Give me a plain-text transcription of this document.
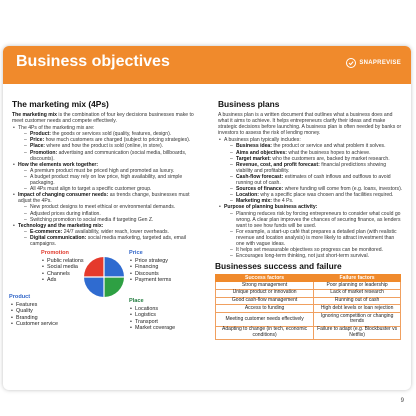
Business objectives	SNAPREVISE
The marketing mix (4Ps)

The marketing mix is the combination of four key decisions businesses make to meet customer needs and compete effectively.

• The 4Ps of the marketing mix are:
– Product: the goods or services sold (quality, features, design).
– Price: how much customers are charged (subject to pricing strategies).
– Place: where and how the product is sold (online, in store).
– Promotion: advertising and communication (social media, billboards, discounts).
• How the elements work together:
– A premium product must be priced high and promoted as luxury.
– A budget product may rely on low price, high availability, and simple packaging.
– All 4Ps must align to target a specific customer group.
• Impact of changing consumer needs: as trends change, businesses must adjust the 4Ps.
– New product designs to meet ethical or environmental demands.
– Adjusted prices during inflation.
– Switching promotion to social media if targeting Gen Z.
• Technology and the marketing mix:
– E-commerce: 24/7 availability, wider reach, lower overheads.
– Digital communication: social media marketing, targeted ads, email campaigns.
Business plans

A business plan is a written document that outlines what a business does and what it aims to achieve. It helps entrepreneurs clarify their ideas and make strategic decisions before launching. A business plan is often needed by banks or investors to assess the risk of lending money.

• A business plan typically includes:
– Business idea: the product or service and what problem it solves.
– Aims and objectives: what the business hopes to achieve.
– Target market: who the customers are, backed by market research.
– Revenue, cost, and profit forecast: financial predictions showing viability and profitability.
– Cash-flow forecast: estimates of cash inflows and outflows to avoid running out of cash.
– Sources of finance: where funding will come from (e.g. loans, investors).
– Location: why a specific place was chosen and the facilities required.
– Marketing mix: the 4 Ps.
• Purpose of planning business activity:
– Planning reduces risk by forcing entrepreneurs to consider what could go wrong. A clear plan improves the chances of securing finance, as lenders want to see how funds will be used.
– For example, a start-up café that prepares a detailed plan (with realistic revenue and location analysis) is more likely to attract investment than one with vague ideas.
– It helps set measurable objectives so progress can be monitored.
– Encourages long-term thinking, not just short-term survival.
Promotion
• Public relations
• Social media
• Channels
• Ads
Price
• Price strategy
• Financing
• Discounts
• Payment terms
Product
• Features
• Quality
• Branding
• Customer service
Place
• Locations
• Logistics
• Transport
• Market coverage
Businesses success and failure
Success factors	Failure factors
Strong management	Poor planning or leadership
Unique product or innovation	Lack of market research
Good cash-flow management	Running out of cash
Access to funding	High debt levels or loan rejection
Meeting customer needs effectively	Ignoring competition or changing trends
Adapting to change (in tech, economic conditions)	Failure to adapt (e.g. Blockbuster vs Netflix)
9
